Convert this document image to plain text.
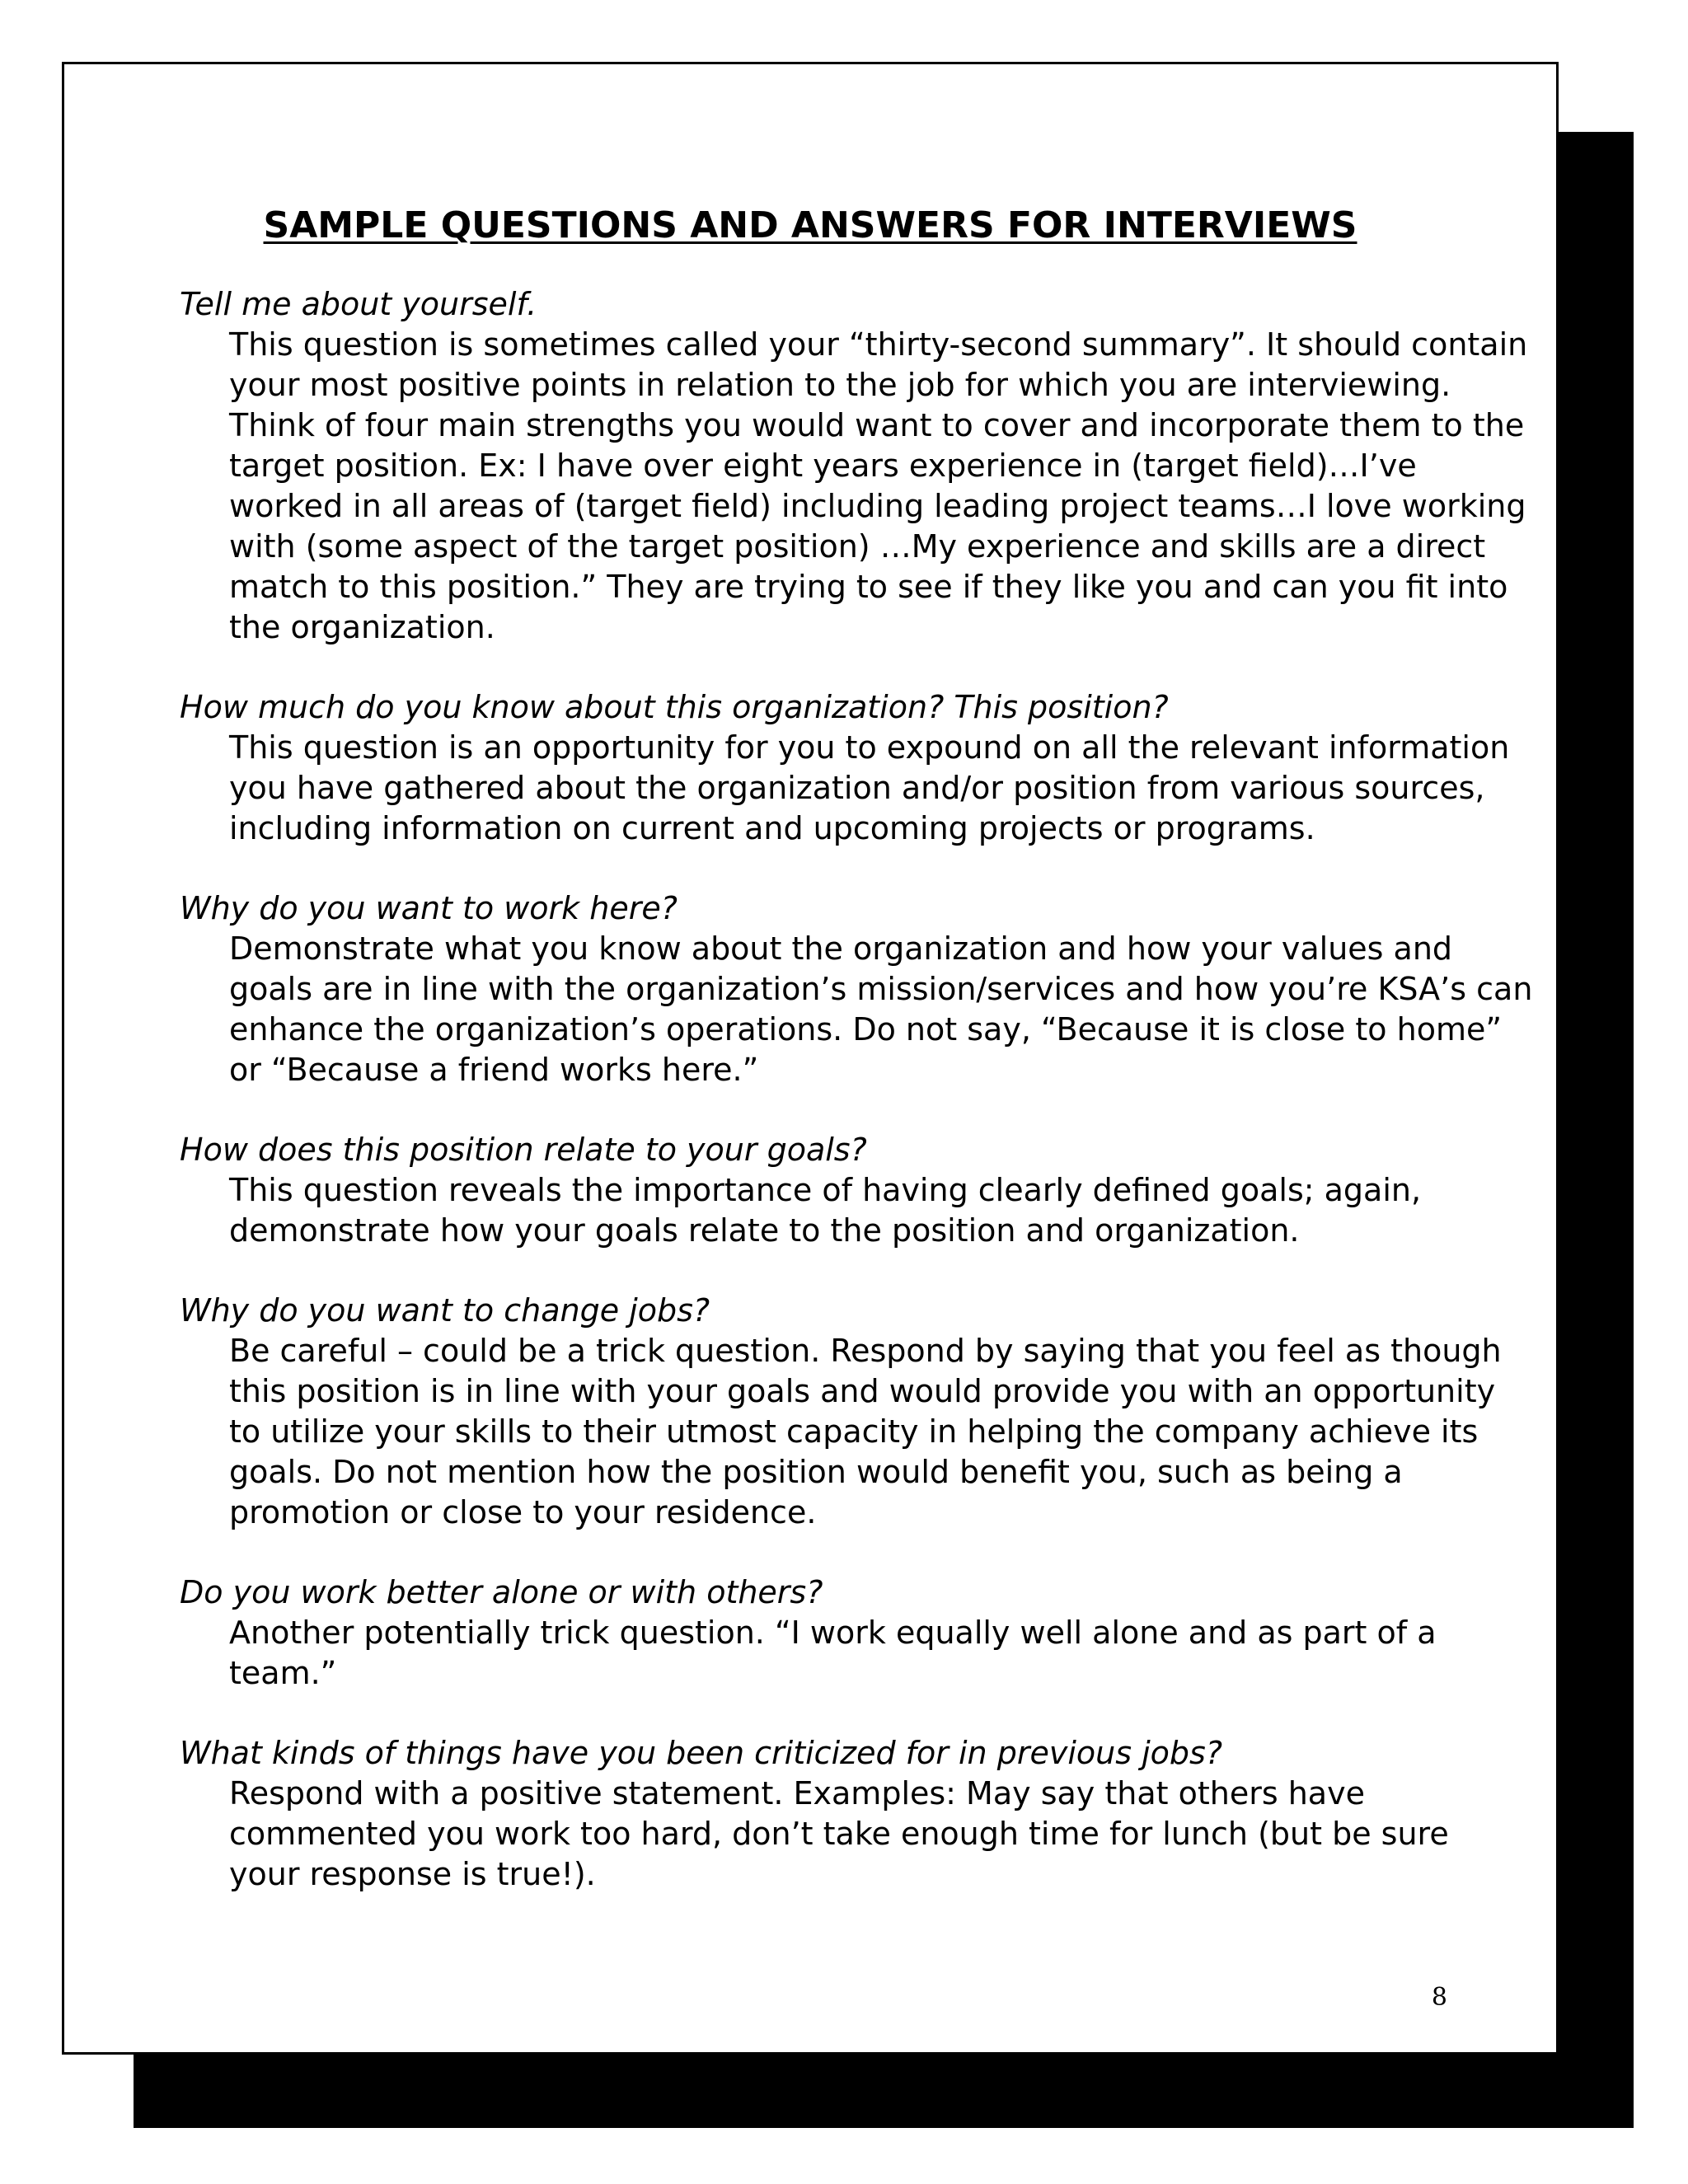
SAMPLE QUESTIONS AND ANSWERS FOR INTERVIEWS
Tell me about yourself.
This question is sometimes called your “thirty-second summary”. It should contain
your most positive points in relation to the job for which you are interviewing.
Think of four main strengths you would want to cover and incorporate them to the
target position. Ex: I have over eight years experience in (target field)…I’ve
worked in all areas of (target field) including leading project teams…I love working
with (some aspect of the target position) …My experience and skills are a direct
match to this position.” They are trying to see if they like you and can you fit into
the organization.
How much do you know about this organization? This position?
This question is an opportunity for you to expound on all the relevant information
you have gathered about the organization and/or position from various sources,
including information on current and upcoming projects or programs.
Why do you want to work here?
Demonstrate what you know about the organization and how your values and
goals are in line with the organization’s mission/services and how you’re KSA’s can
enhance the organization’s operations. Do not say, “Because it is close to home”
or “Because a friend works here.”
How does this position relate to your goals?
This question reveals the importance of having clearly defined goals; again,
demonstrate how your goals relate to the position and organization.
Why do you want to change jobs?
Be careful – could be a trick question. Respond by saying that you feel as though
this position is in line with your goals and would provide you with an opportunity
to utilize your skills to their utmost capacity in helping the company achieve its
goals. Do not mention how the position would benefit you, such as being a
promotion or close to your residence.
Do you work better alone or with others?
Another potentially trick question. “I work equally well alone and as part of a
team.”
What kinds of things have you been criticized for in previous jobs?
Respond with a positive statement. Examples: May say that others have
commented you work too hard, don’t take enough time for lunch (but be sure
your response is true!).
8
